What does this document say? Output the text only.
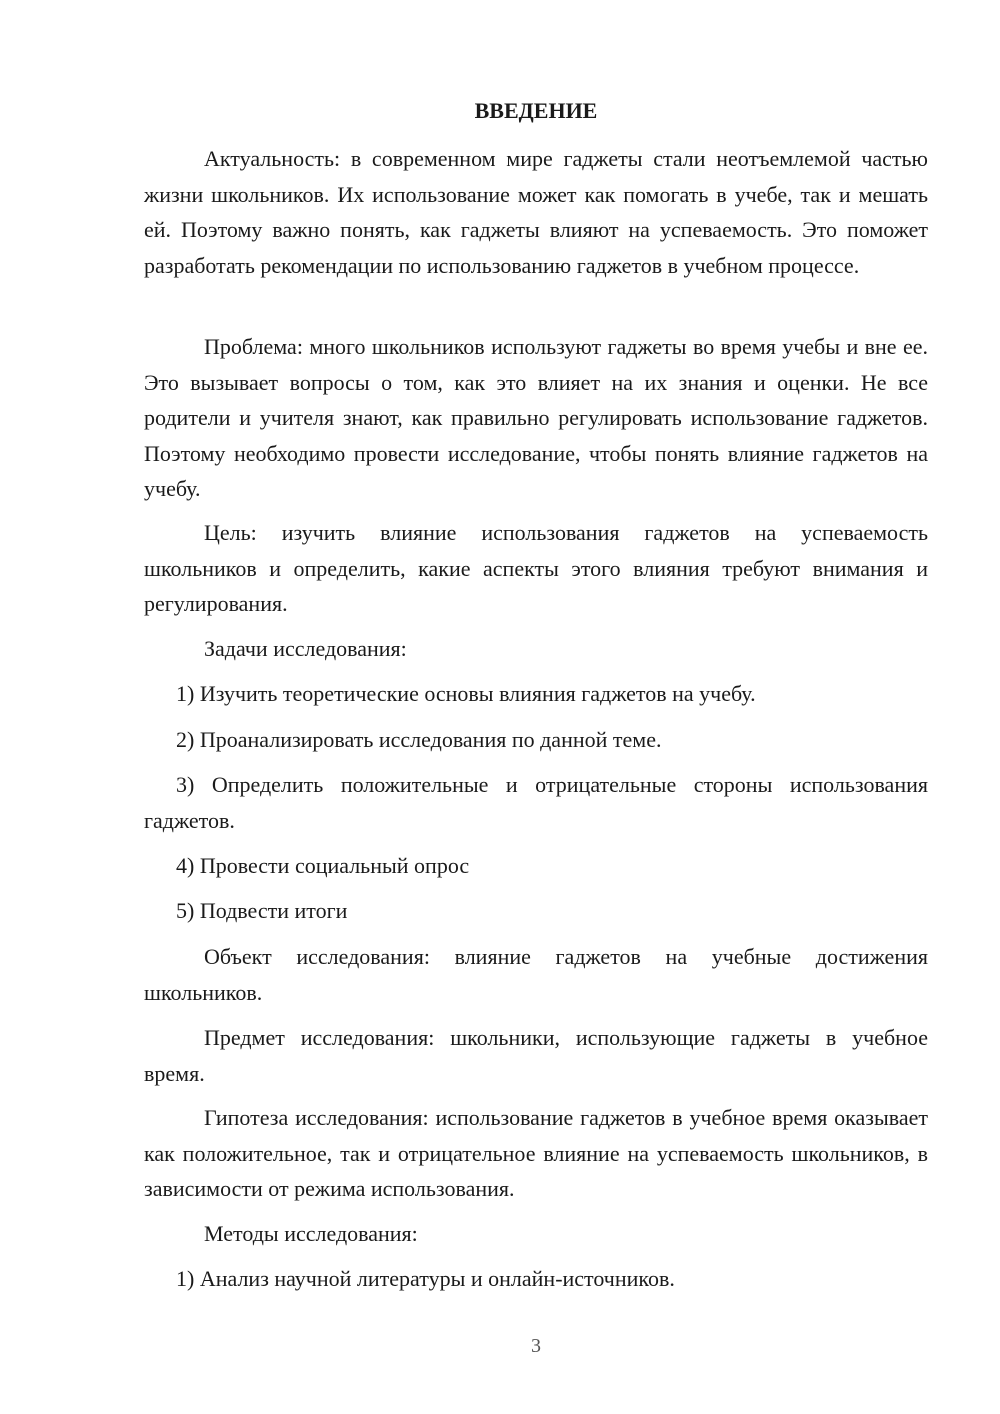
ВВЕДЕНИЕ

Актуальность: в современном мире гаджеты стали неотъемлемой частью жизни школьников. Их использование может как помогать в учебе, так и мешать ей. Поэтому важно понять, как гаджеты влияют на успеваемость. Это поможет разработать рекомендации по использованию гаджетов в учебном процессе.

Проблема: много школьников используют гаджеты во время учебы и вне ее. Это вызывает вопросы о том, как это влияет на их знания и оценки. Не все родители и учителя знают, как правильно регулировать использование гаджетов. Поэтому необходимо провести исследование, чтобы понять влияние гаджетов на учебу.

Цель: изучить влияние использования гаджетов на успеваемость школьников и определить, какие аспекты этого влияния требуют внимания и регулирования.

Задачи исследования:

1) Изучить теоретические основы влияния гаджетов на учебу.

2) Проанализировать исследования по данной теме.

3) Определить положительные и отрицательные стороны использования гаджетов.

4) Провести социальный опрос

5) Подвести итоги

Объект исследования: влияние гаджетов на учебные достижения школьников.

Предмет исследования: школьники, использующие гаджеты в учебное время.

Гипотеза исследования: использование гаджетов в учебное время оказывает как положительное, так и отрицательное влияние на успеваемость школьников, в зависимости от режима использования.

Методы исследования:

1) Анализ научной литературы и онлайн-источников.

3
